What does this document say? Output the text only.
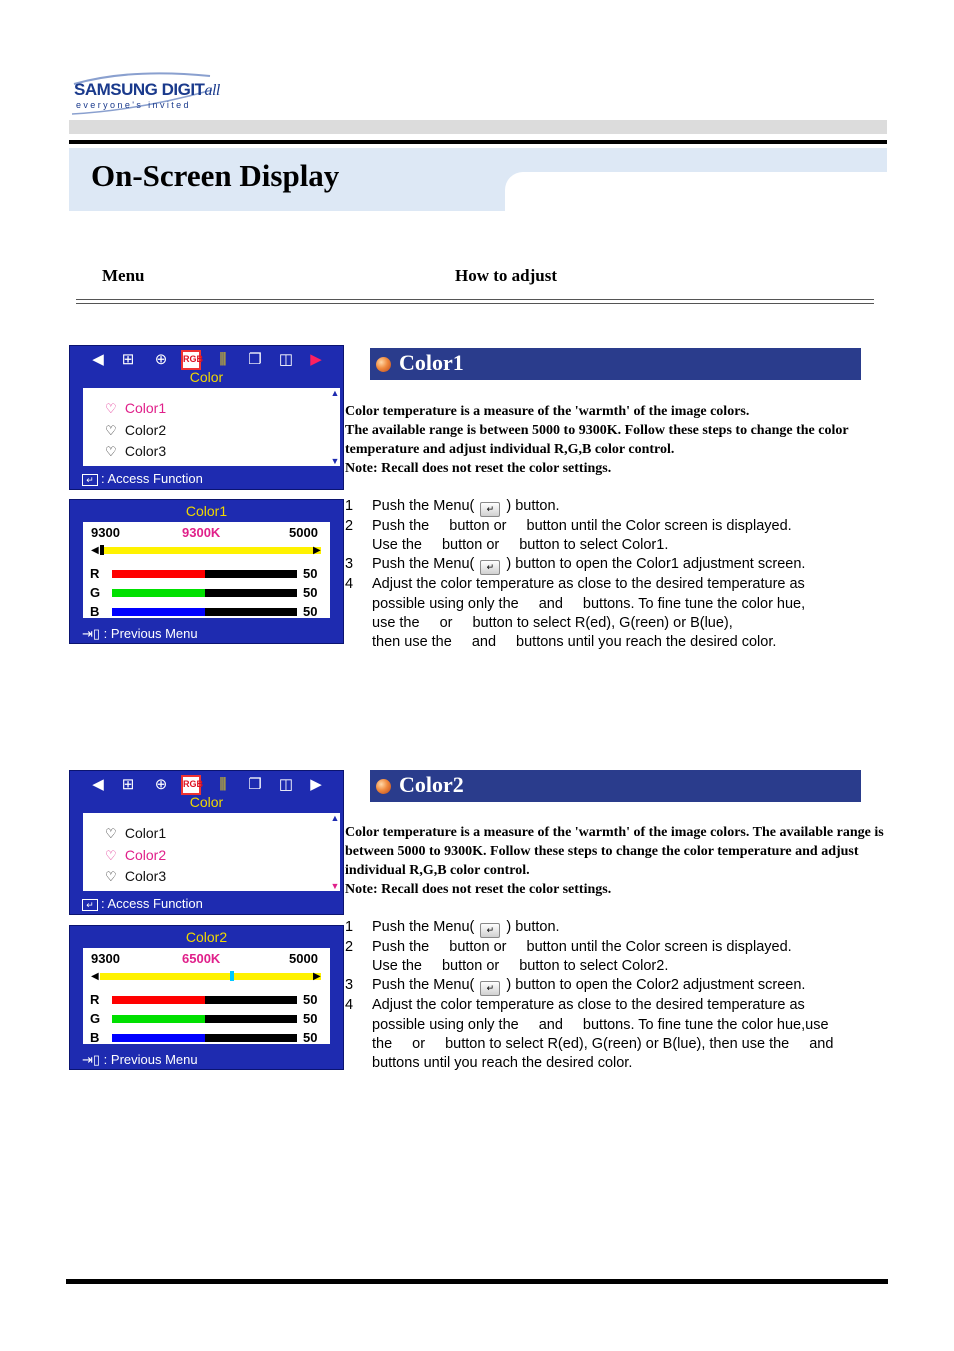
SAMSUNG DIGITall
everyone's invited
On-Screen Display
Menu	How to adjust
◀ ⊞ ⊕	RGB	⫼	❐ ◫ ▶
Color
♡ Color1
♡ Color2
♡ Color3
▲
▼
↵ : Access Function
Color1
9300	9300K	5000
◀	▶
R	50
G	50
B	50
⇥▯ : Previous Menu
Color1

Color temperature is a measure of the 'warmth' of the image colors.

The available range is between 5000 to 9300K. Follow these steps to change the color temperature and adjust individual R,G,B color control.

Note: Recall does not reset the color settings.

1 Push the Menu( ↵ ) button.
2 Push the button or button until the Color screen is displayed.
Use the button or button to select Color1.
3 Push the Menu( ↵ ) button to open the Color1 adjustment screen.
4 Adjust the color temperature as close to the desired temperature as
possible using only the and buttons. To fine tune the color hue,
use the or button to select R(ed), G(reen) or B(lue),
then use the and buttons until you reach the desired color.
◀ ⊞ ⊕	RGB	⫼	❐ ◫ ▶
Color
♡ Color1
♡ Color2
♡ Color3
▲
▼
↵ : Access Function
Color2
9300	6500K	5000
◀	▶
R	50
G	50
B	50
⇥▯ : Previous Menu
Color2

Color temperature is a measure of the 'warmth' of the image colors. The available range is between 5000 to 9300K. Follow these steps to change the color temperature and adjust individual R,G,B color control.

Note: Recall does not reset the color settings.

1 Push the Menu( ↵ ) button.
2 Push the button or button until the Color screen is displayed.
Use the button or button to select Color2.
3 Push the Menu( ↵ ) button to open the Color2 adjustment screen.
4 Adjust the color temperature as close to the desired temperature as
possible using only the and buttons. To fine tune the color hue,use
the or button to select R(ed), G(reen) or B(lue), then use the and
buttons until you reach the desired color.
